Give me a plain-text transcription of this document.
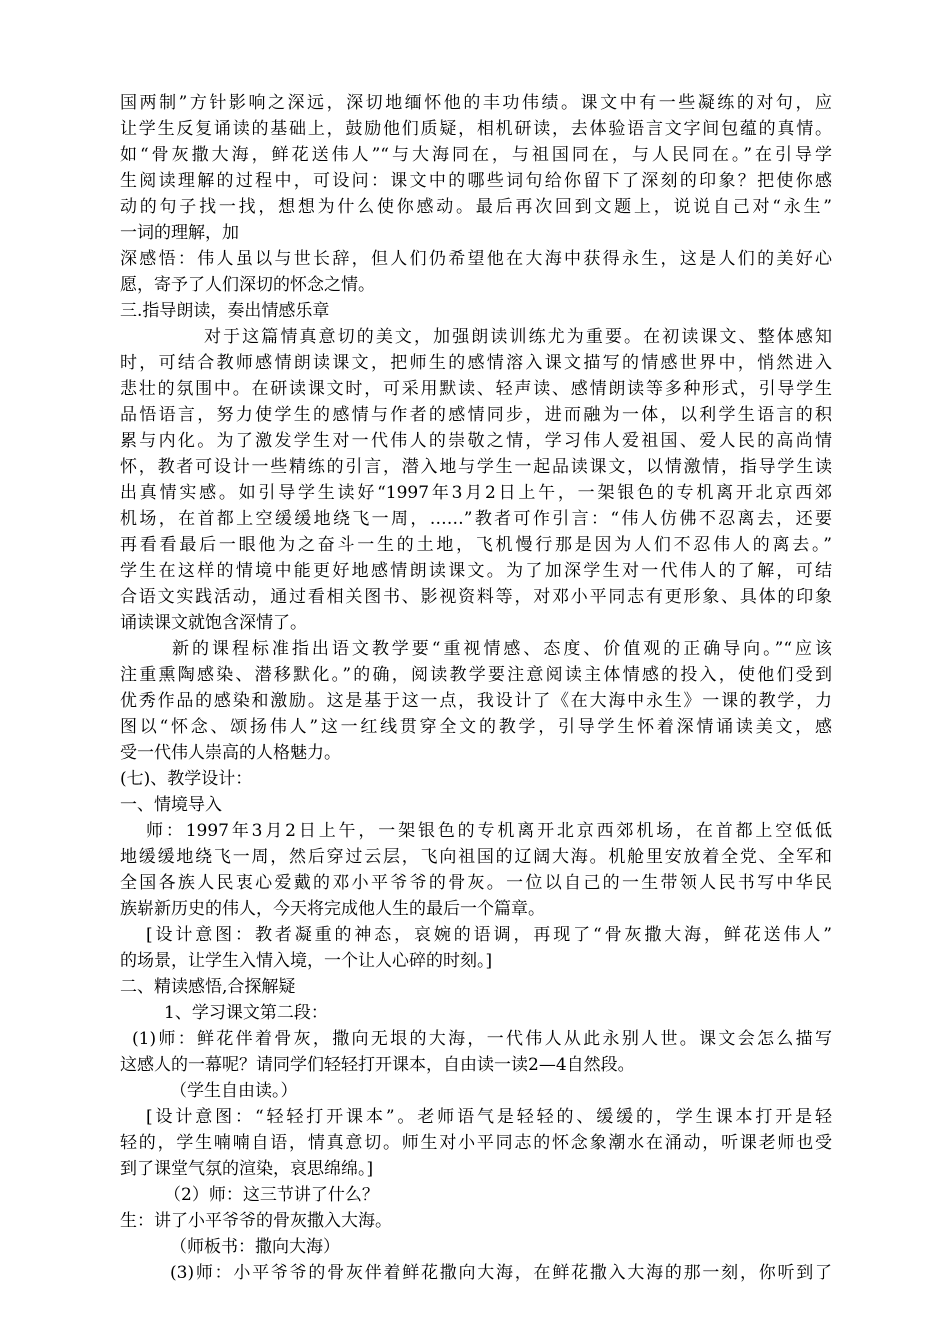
国两制”方针影响之深远，深切地缅怀他的丰功伟绩。课文中有一些凝练的对句，应
让学生反复诵读的基础上，鼓励他们质疑，相机研读，去体验语言文字间包蕴的真情。
如“骨灰撒大海，鲜花送伟人”“与大海同在，与祖国同在，与人民同在。”在引导学
生阅读理解的过程中，可设问：课文中的哪些词句给你留下了深刻的印象？把使你感
动的句子找一找，想想为什么使你感动。最后再次回到文题上，说说自己对“永生”
一词的理解，加
深感悟：伟人虽以与世长辞，但人们仍希望他在大海中获得永生，这是人们的美好心
愿，寄予了人们深切的怀念之情。
三.指导朗读，奏出情感乐章
对于这篇情真意切的美文，加强朗读训练尤为重要。在初读课文、整体感知
时，可结合教师感情朗读课文，把师生的感情溶入课文描写的情感世界中，悄然进入
悲壮的氛围中。在研读课文时，可采用默读、轻声读、感情朗读等多种形式，引导学生
品悟语言，努力使学生的感情与作者的感情同步，进而融为一体，以利学生语言的积
累与内化。为了激发学生对一代伟人的崇敬之情，学习伟人爱祖国、爱人民的高尚情
怀，教者可设计一些精练的引言，潜入地与学生一起品读课文，以情激情，指导学生读
出真情实感。如引导学生读好“1997年3月2日上午，一架银色的专机离开北京西郊
机场，在首都上空缓缓地绕飞一周，……”教者可作引言：“伟人仿佛不忍离去，还要
再看看最后一眼他为之奋斗一生的土地，飞机慢行那是因为人们不忍伟人的离去。”
学生在这样的情境中能更好地感情朗读课文。为了加深学生对一代伟人的了解，可结
合语文实践活动，通过看相关图书、影视资料等，对邓小平同志有更形象、具体的印象
诵读课文就饱含深情了。
新的课程标准指出语文教学要“重视情感、态度、价值观的正确导向。”“应该
注重熏陶感染、潜移默化。”的确，阅读教学要注意阅读主体情感的投入，使他们受到
优秀作品的感染和激励。这是基于这一点，我设计了《在大海中永生》一课的教学，力
图以“怀念、颂扬伟人”这一红线贯穿全文的教学，引导学生怀着深情诵读美文，感
受一代伟人崇高的人格魅力。
(七)、教学设计：
一、情境导入
师：1997年3月2日上午，一架银色的专机离开北京西郊机场，在首都上空低低
地缓缓地绕飞一周，然后穿过云层，飞向祖国的辽阔大海。机舱里安放着全党、全军和
全国各族人民衷心爱戴的邓小平爷爷的骨灰。一位以自己的一生带领人民书写中华民
族崭新历史的伟人，今天将完成他人生的最后一个篇章。
[设计意图：教者凝重的神态，哀婉的语调，再现了“骨灰撒大海，鲜花送伟人”
的场景，让学生入情入境，一个让人心碎的时刻。]
二、精读感悟,合探解疑
1、学习课文第二段：
(1)师：鲜花伴着骨灰，撒向无垠的大海，一代伟人从此永别人世。课文会怎么描写
这感人的一幕呢？请同学们轻轻打开课本，自由读一读2—4自然段。
（学生自由读。）
[设计意图：“轻轻打开课本”。老师语气是轻轻的、缓缓的，学生课本打开是轻
轻的，学生喃喃自语，情真意切。师生对小平同志的怀念象潮水在涌动，听课老师也受
到了课堂气氛的渲染，哀思绵绵。]
（2）师：这三节讲了什么？
生：讲了小平爷爷的骨灰撒入大海。
（师板书：撒向大海）
(3)师：小平爷爷的骨灰伴着鲜花撒向大海，在鲜花撒入大海的那一刻，你听到了
